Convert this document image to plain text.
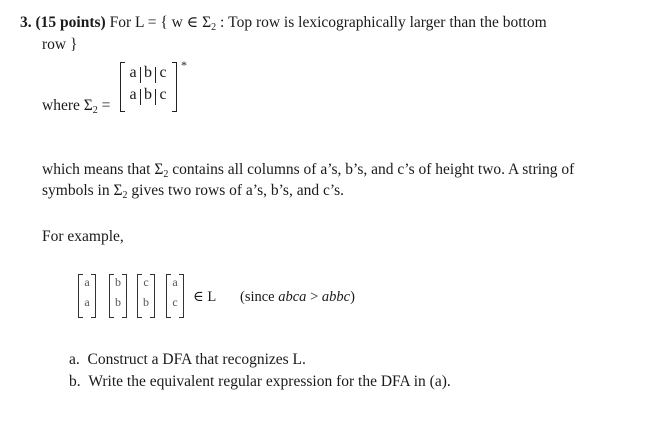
3. (15 points) For L = { w ∈ $\Sigma_2$ : Top row is lexicographically larger than the bottom
row }
where $\Sigma_2$ =
a b c
a b c
*
which means that $\Sigma_2$ contains all columns of a’s, b’s, and c’s of height two. A string of
symbols in $\Sigma_2$ gives two rows of a’s, b’s, and c’s.
For example,
a
a
b
b
c
b
a
c	∈ L (since abca > abbc)
a. Construct a DFA that recognizes L.
b. Write the equivalent regular expression for the DFA in (a).
